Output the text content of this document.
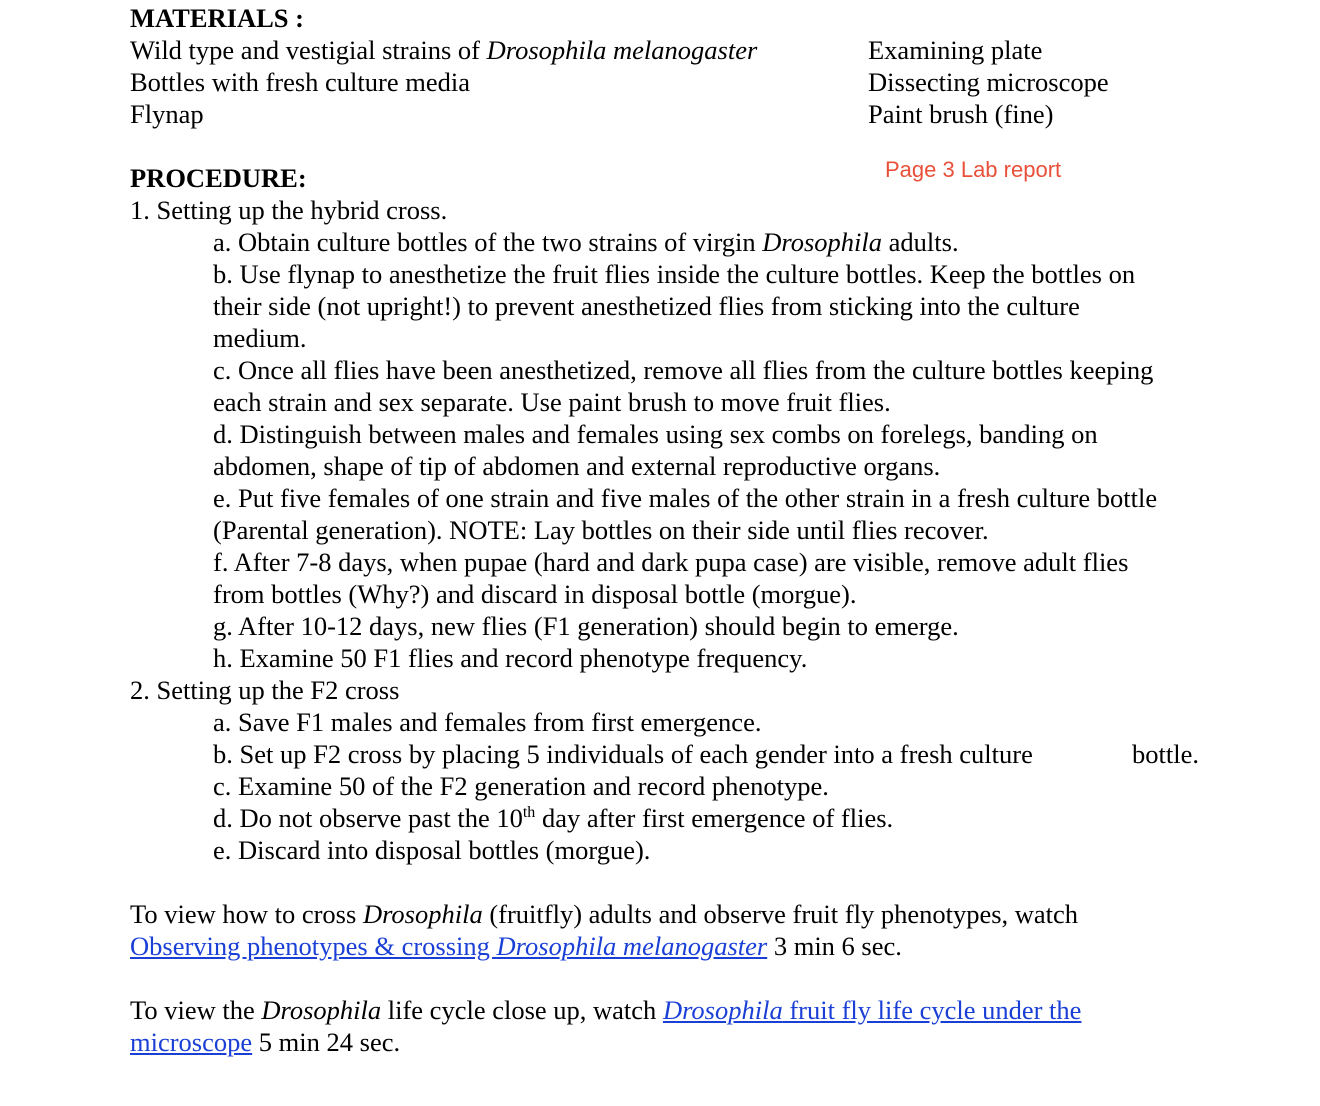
MATERIALS :
Wild type and vestigial strains of Drosophila melanogaster
Bottles with fresh culture media
Flynap
Examining plate
Dissecting microscope
Paint brush (fine)
PROCEDURE:	Page 3 Lab report
1. Setting up the hybrid cross.
a. Obtain culture bottles of the two strains of virgin Drosophila adults.
b. Use flynap to anesthetize the fruit flies inside the culture bottles. Keep the bottles on
their side (not upright!) to prevent anesthetized flies from sticking into the culture
medium.
c. Once all flies have been anesthetized, remove all flies from the culture bottles keeping
each strain and sex separate. Use paint brush to move fruit flies.
d. Distinguish between males and females using sex combs on forelegs, banding on
abdomen, shape of tip of abdomen and external reproductive organs.
e. Put five females of one strain and five males of the other strain in a fresh culture bottle
(Parental generation). NOTE: Lay bottles on their side until flies recover.
f. After 7-8 days, when pupae (hard and dark pupa case) are visible, remove adult flies
from bottles (Why?) and discard in disposal bottle (morgue).
g. After 10-12 days, new flies (F1 generation) should begin to emerge.
h. Examine 50 F1 flies and record phenotype frequency.
2. Setting up the F2 cross
a. Save F1 males and females from first emergence.
b. Set up F2 cross by placing 5 individuals of each gender into a fresh culture	bottle.
c. Examine 50 of the F2 generation and record phenotype.
d. Do not observe past the 10th day after first emergence of flies.
e. Discard into disposal bottles (morgue).
To view how to cross Drosophila (fruitfly) adults and observe fruit fly phenotypes, watch
Observing phenotypes & crossing Drosophila melanogaster 3 min 6 sec.
To view the Drosophila life cycle close up, watch Drosophila fruit fly life cycle under the
microscope 5 min 24 sec.
